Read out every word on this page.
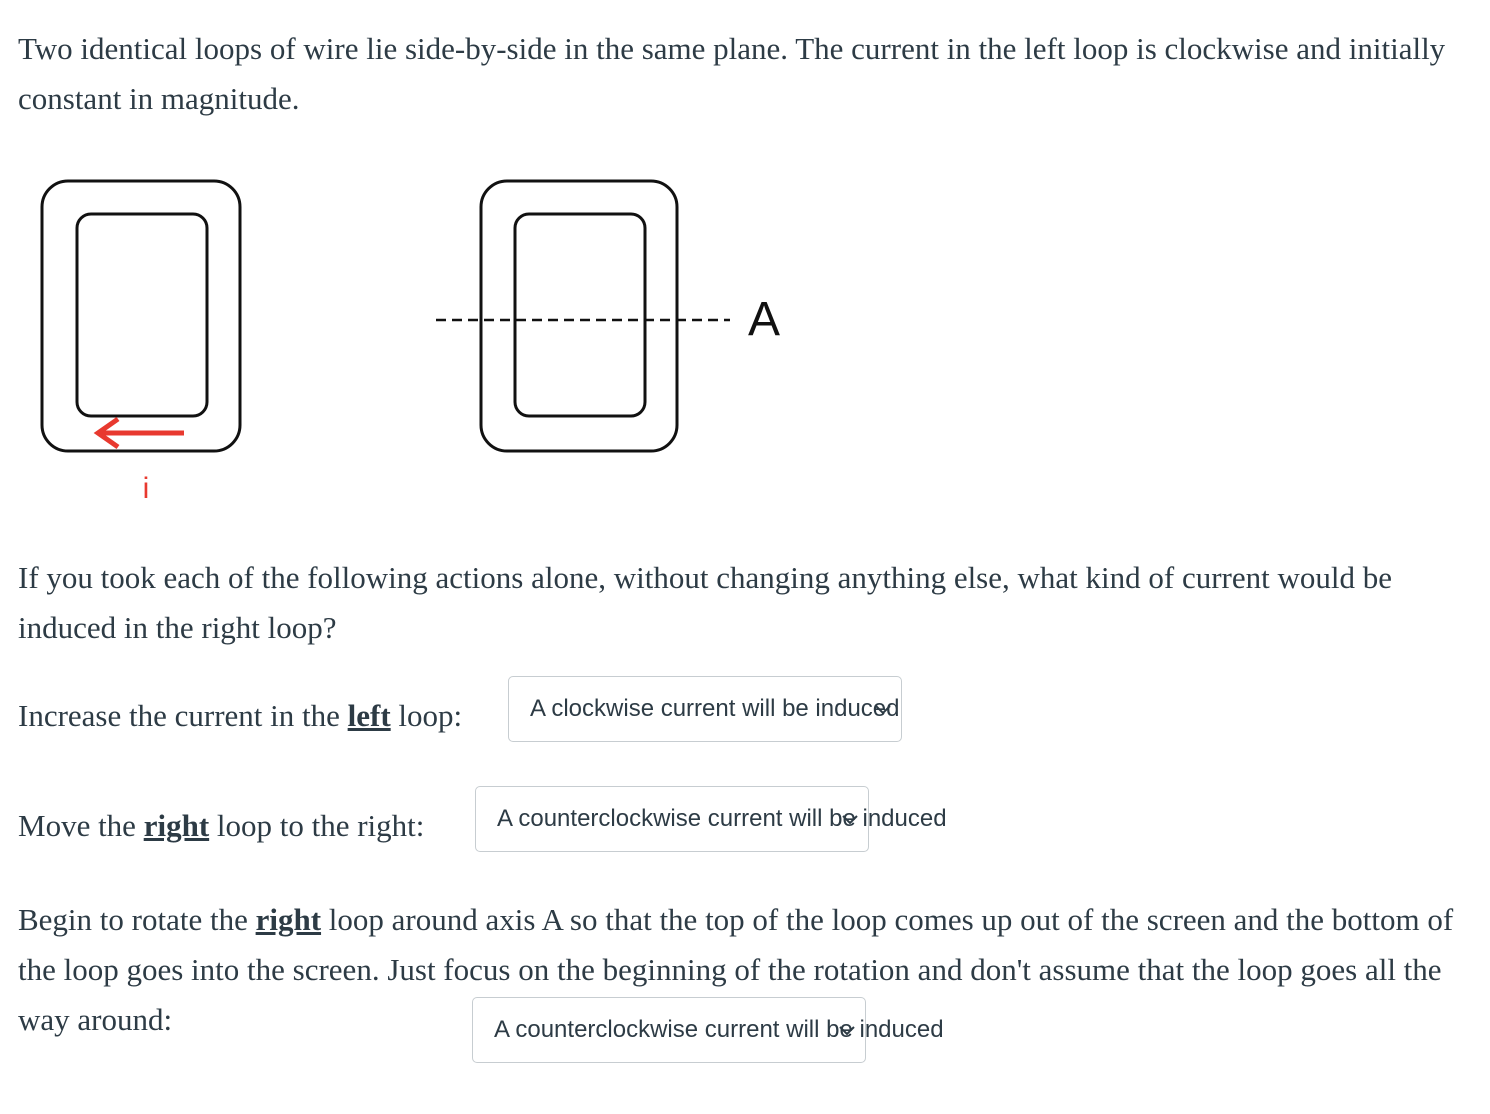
Two identical loops of wire lie side-by-side in the same plane. The current in the left loop is clockwise and initially constant in magnitude.

i
A

If you took each of the following actions alone, without changing anything else, what kind of current would be induced in the right loop?

Increase the current in the left loop:	A clockwise current will be induced
Move the right loop to the right:	A counterclockwise current will be induced

Begin to rotate the right loop around axis A so that the top of the loop comes up out of the screen and the bottom of the loop goes into the screen. Just focus on the beginning of the rotation and don't assume that the loop goes all the way around:	A counterclockwise current will be induced
